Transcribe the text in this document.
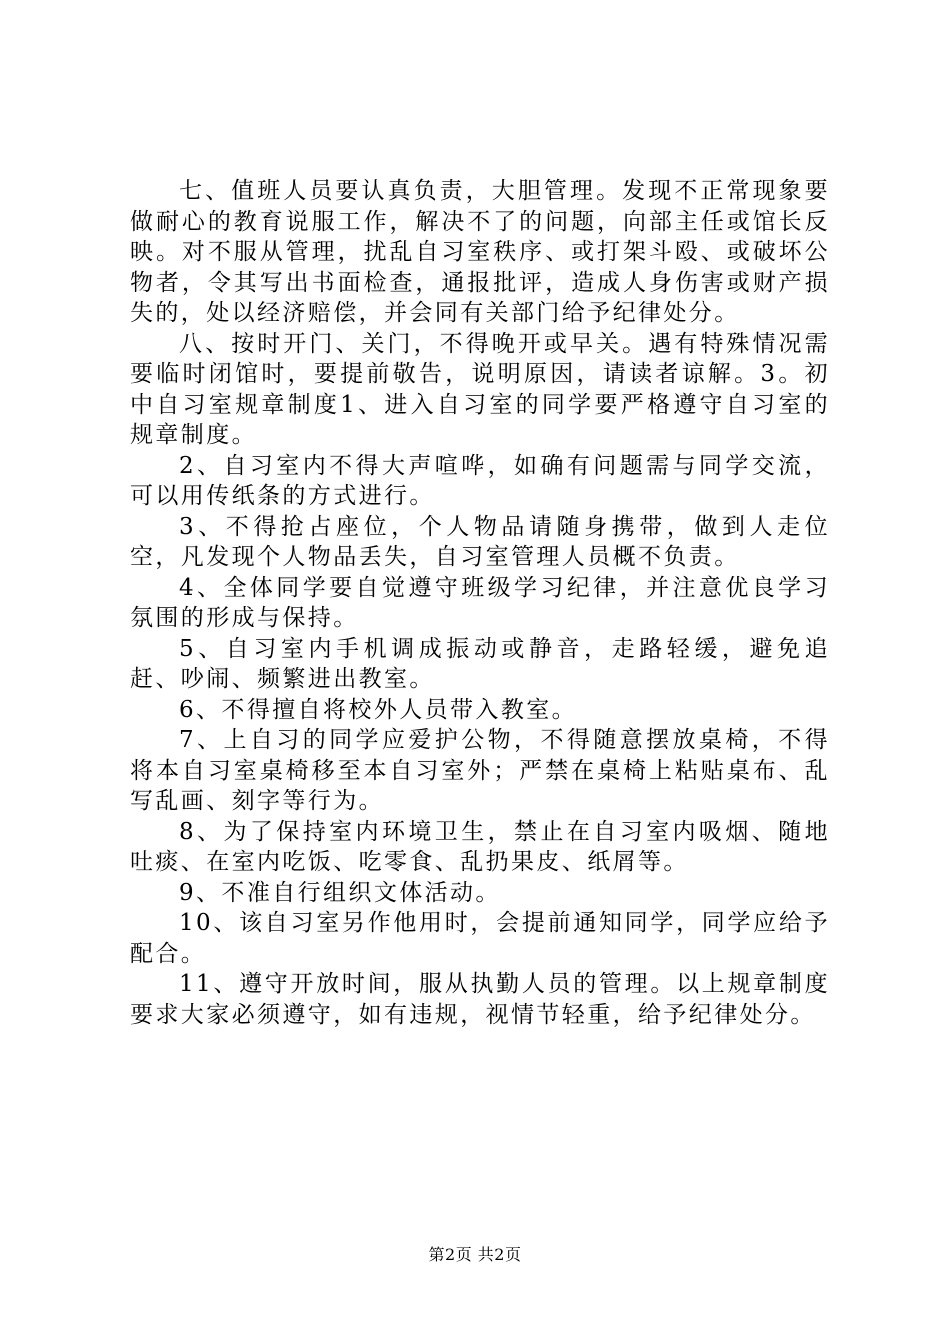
七、值班人员要认真负责，大胆管理。发现不正常现象要做耐心的教育说服工作，解决不了的问题，向部主任或馆长反映。对不服从管理，扰乱自习室秩序、或打架斗殴、或破坏公物者，令其写出书面检查，通报批评，造成人身伤害或财产损失的，处以经济赔偿，并会同有关部门给予纪律处分。

八、按时开门、关门，不得晚开或早关。遇有特殊情况需要临时闭馆时，要提前敬告，说明原因，请读者谅解。3。初中自习室规章制度1、进入自习室的同学要严格遵守自习室的规章制度。

2、自习室内不得大声喧哗，如确有问题需与同学交流，可以用传纸条的方式进行。

3、不得抢占座位，个人物品请随身携带，做到人走位空，凡发现个人物品丢失，自习室管理人员概不负责。

4、全体同学要自觉遵守班级学习纪律，并注意优良学习氛围的形成与保持。

5、自习室内手机调成振动或静音，走路轻缓，避免追赶、吵闹、频繁进出教室。

6、不得擅自将校外人员带入教室。

7、上自习的同学应爱护公物，不得随意摆放桌椅，不得将本自习室桌椅移至本自习室外；严禁在桌椅上粘贴桌布、乱写乱画、刻字等行为。

8、为了保持室内环境卫生，禁止在自习室内吸烟、随地吐痰、在室内吃饭、吃零食、乱扔果皮、纸屑等。

9、不准自行组织文体活动。

10、该自习室另作他用时，会提前通知同学，同学应给予配合。

11、遵守开放时间，服从执勤人员的管理。以上规章制度要求大家必须遵守，如有违规，视情节轻重，给予纪律处分。

第2页 共2页
